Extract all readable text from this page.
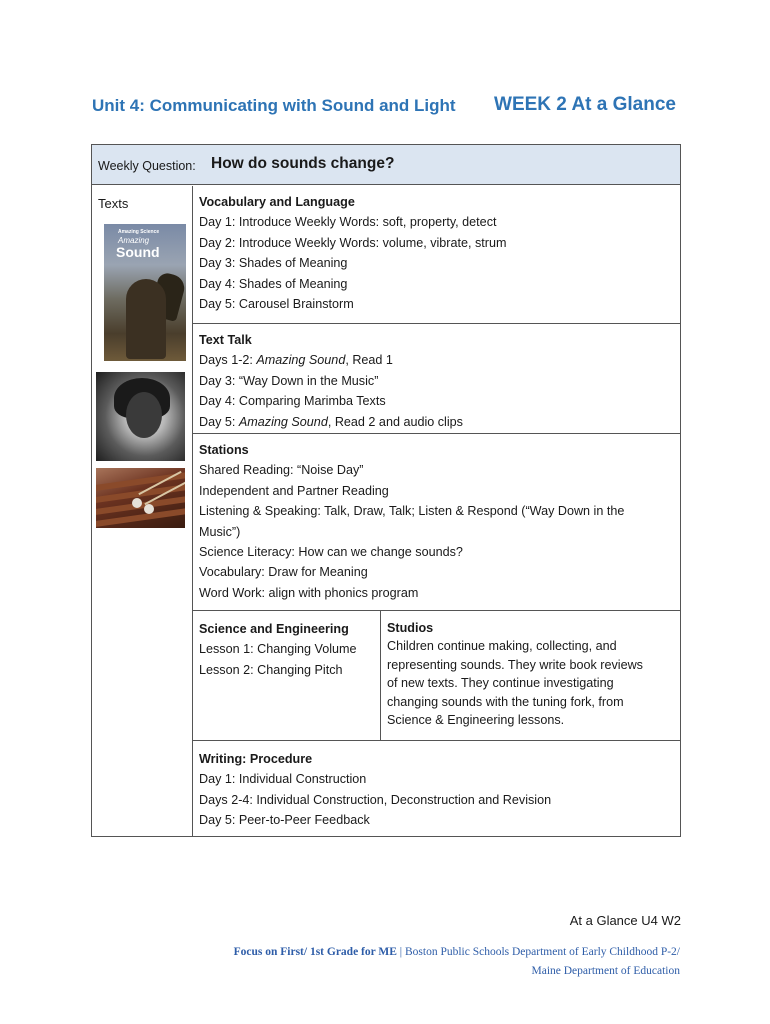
Unit 4: Communicating with Sound and Light WEEK 2 At a Glance
Weekly Question: How do sounds change?
Texts
Amazing Science
Amazing
Sound
Vocabulary and Language
Day 1: Introduce Weekly Words: soft, property, detect
Day 2: Introduce Weekly Words: volume, vibrate, strum
Day 3: Shades of Meaning
Day 4: Shades of Meaning
Day 5: Carousel Brainstorm
Text Talk
Days 1-2: Amazing Sound, Read 1
Day 3: “Way Down in the Music”
Day 4: Comparing Marimba Texts
Day 5: Amazing Sound, Read 2 and audio clips
Stations
Shared Reading: “Noise Day”
Independent and Partner Reading
Listening & Speaking: Talk, Draw, Talk; Listen & Respond (“Way Down in the
Music”)
Science Literacy: How can we change sounds?
Vocabulary: Draw for Meaning
Word Work: align with phonics program
Science and Engineering
Lesson 1: Changing Volume
Lesson 2: Changing Pitch
Studios
Children continue making, collecting, and
representing sounds. They write book reviews
of new texts. They continue investigating
changing sounds with the tuning fork, from
Science & Engineering lessons.
Writing: Procedure
Day 1: Individual Construction
Days 2-4: Individual Construction, Deconstruction and Revision
Day 5: Peer-to-Peer Feedback
At a Glance U4 W2
Focus on First/ 1st Grade for ME | Boston Public Schools Department of Early Childhood P-2/
Maine Department of Education
